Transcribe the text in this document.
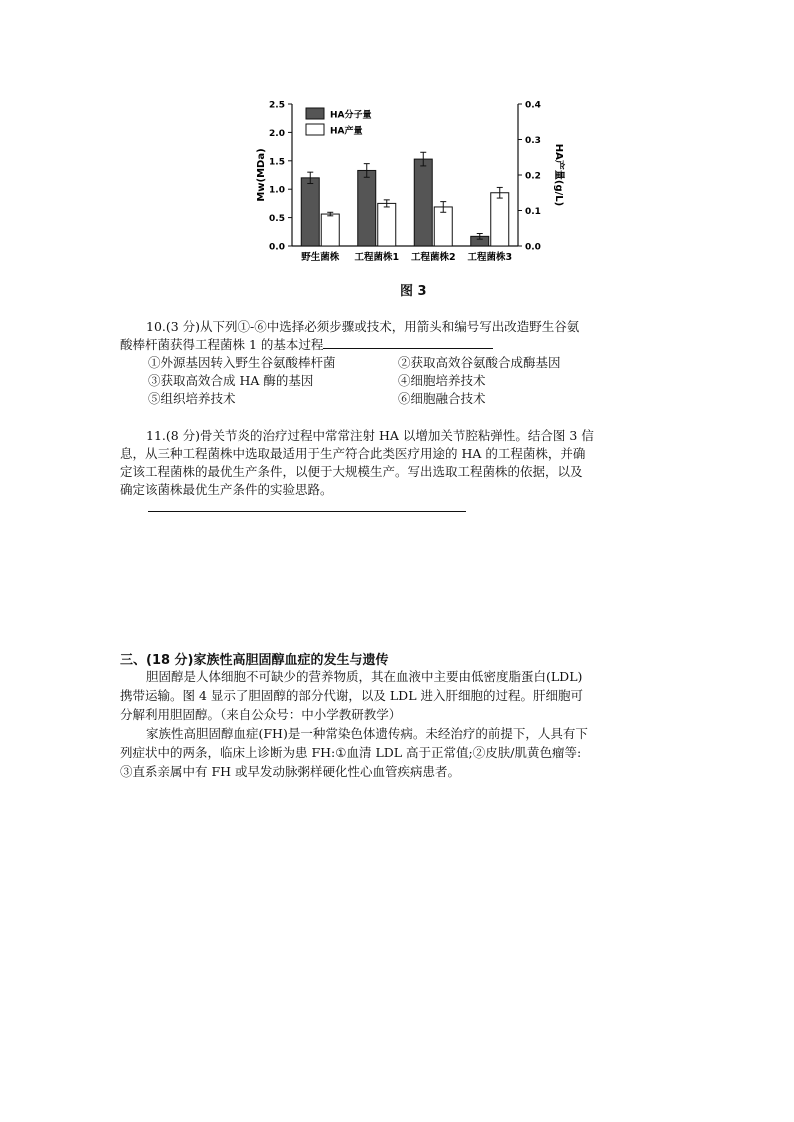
0.0
0.5
1.0
1.5
2.0
2.5
0.0
0.1
0.2
0.3
0.4
Mw(MDa)	HA产量(g/L)
野生菌株 工程菌株1 工程菌株2 工程菌株3
HA分子量
HA产量
图 3

10.(3 分)从下列①-⑥中选择必须步骤或技术，用箭头和编号写出改造野生谷氨

酸棒杆菌获得工程菌株 1 的基本过程

①外源基因转入野生谷氨酸棒杆菌	②获取高效谷氨酸合成酶基因
③获取高效合成 HA 酶的基因	④细胞培养技术
⑤组织培养技术	⑥细胞融合技术

11.(8 分)骨关节炎的治疗过程中常常注射 HA 以增加关节腔粘弹性。结合图 3 信

息，从三种工程菌株中选取最适用于生产符合此类医疗用途的 HA 的工程菌株，并确

定该工程菌株的最优生产条件，以便于大规模生产。写出选取工程菌株的依据，以及

确定该菌株最优生产条件的实验思路。

三、(18 分)家族性高胆固醇血症的发生与遗传

胆固醇是人体细胞不可缺少的营养物质，其在血液中主要由低密度脂蛋白(LDL)

携带运输。图 4 显示了胆固醇的部分代谢，以及 LDL 进入肝细胞的过程。肝细胞可

分解利用胆固醇。（来自公众号：中小学教研教学）

家族性高胆固醇血症(FH)是一种常染色体遗传病。未经治疗的前提下，人具有下

列症状中的两条，临床上诊断为患 FH:①血清 LDL 高于正常值;②皮肤/肌黄色瘤等:

③直系亲属中有 FH 或早发动脉粥样硬化性心血管疾病患者。
